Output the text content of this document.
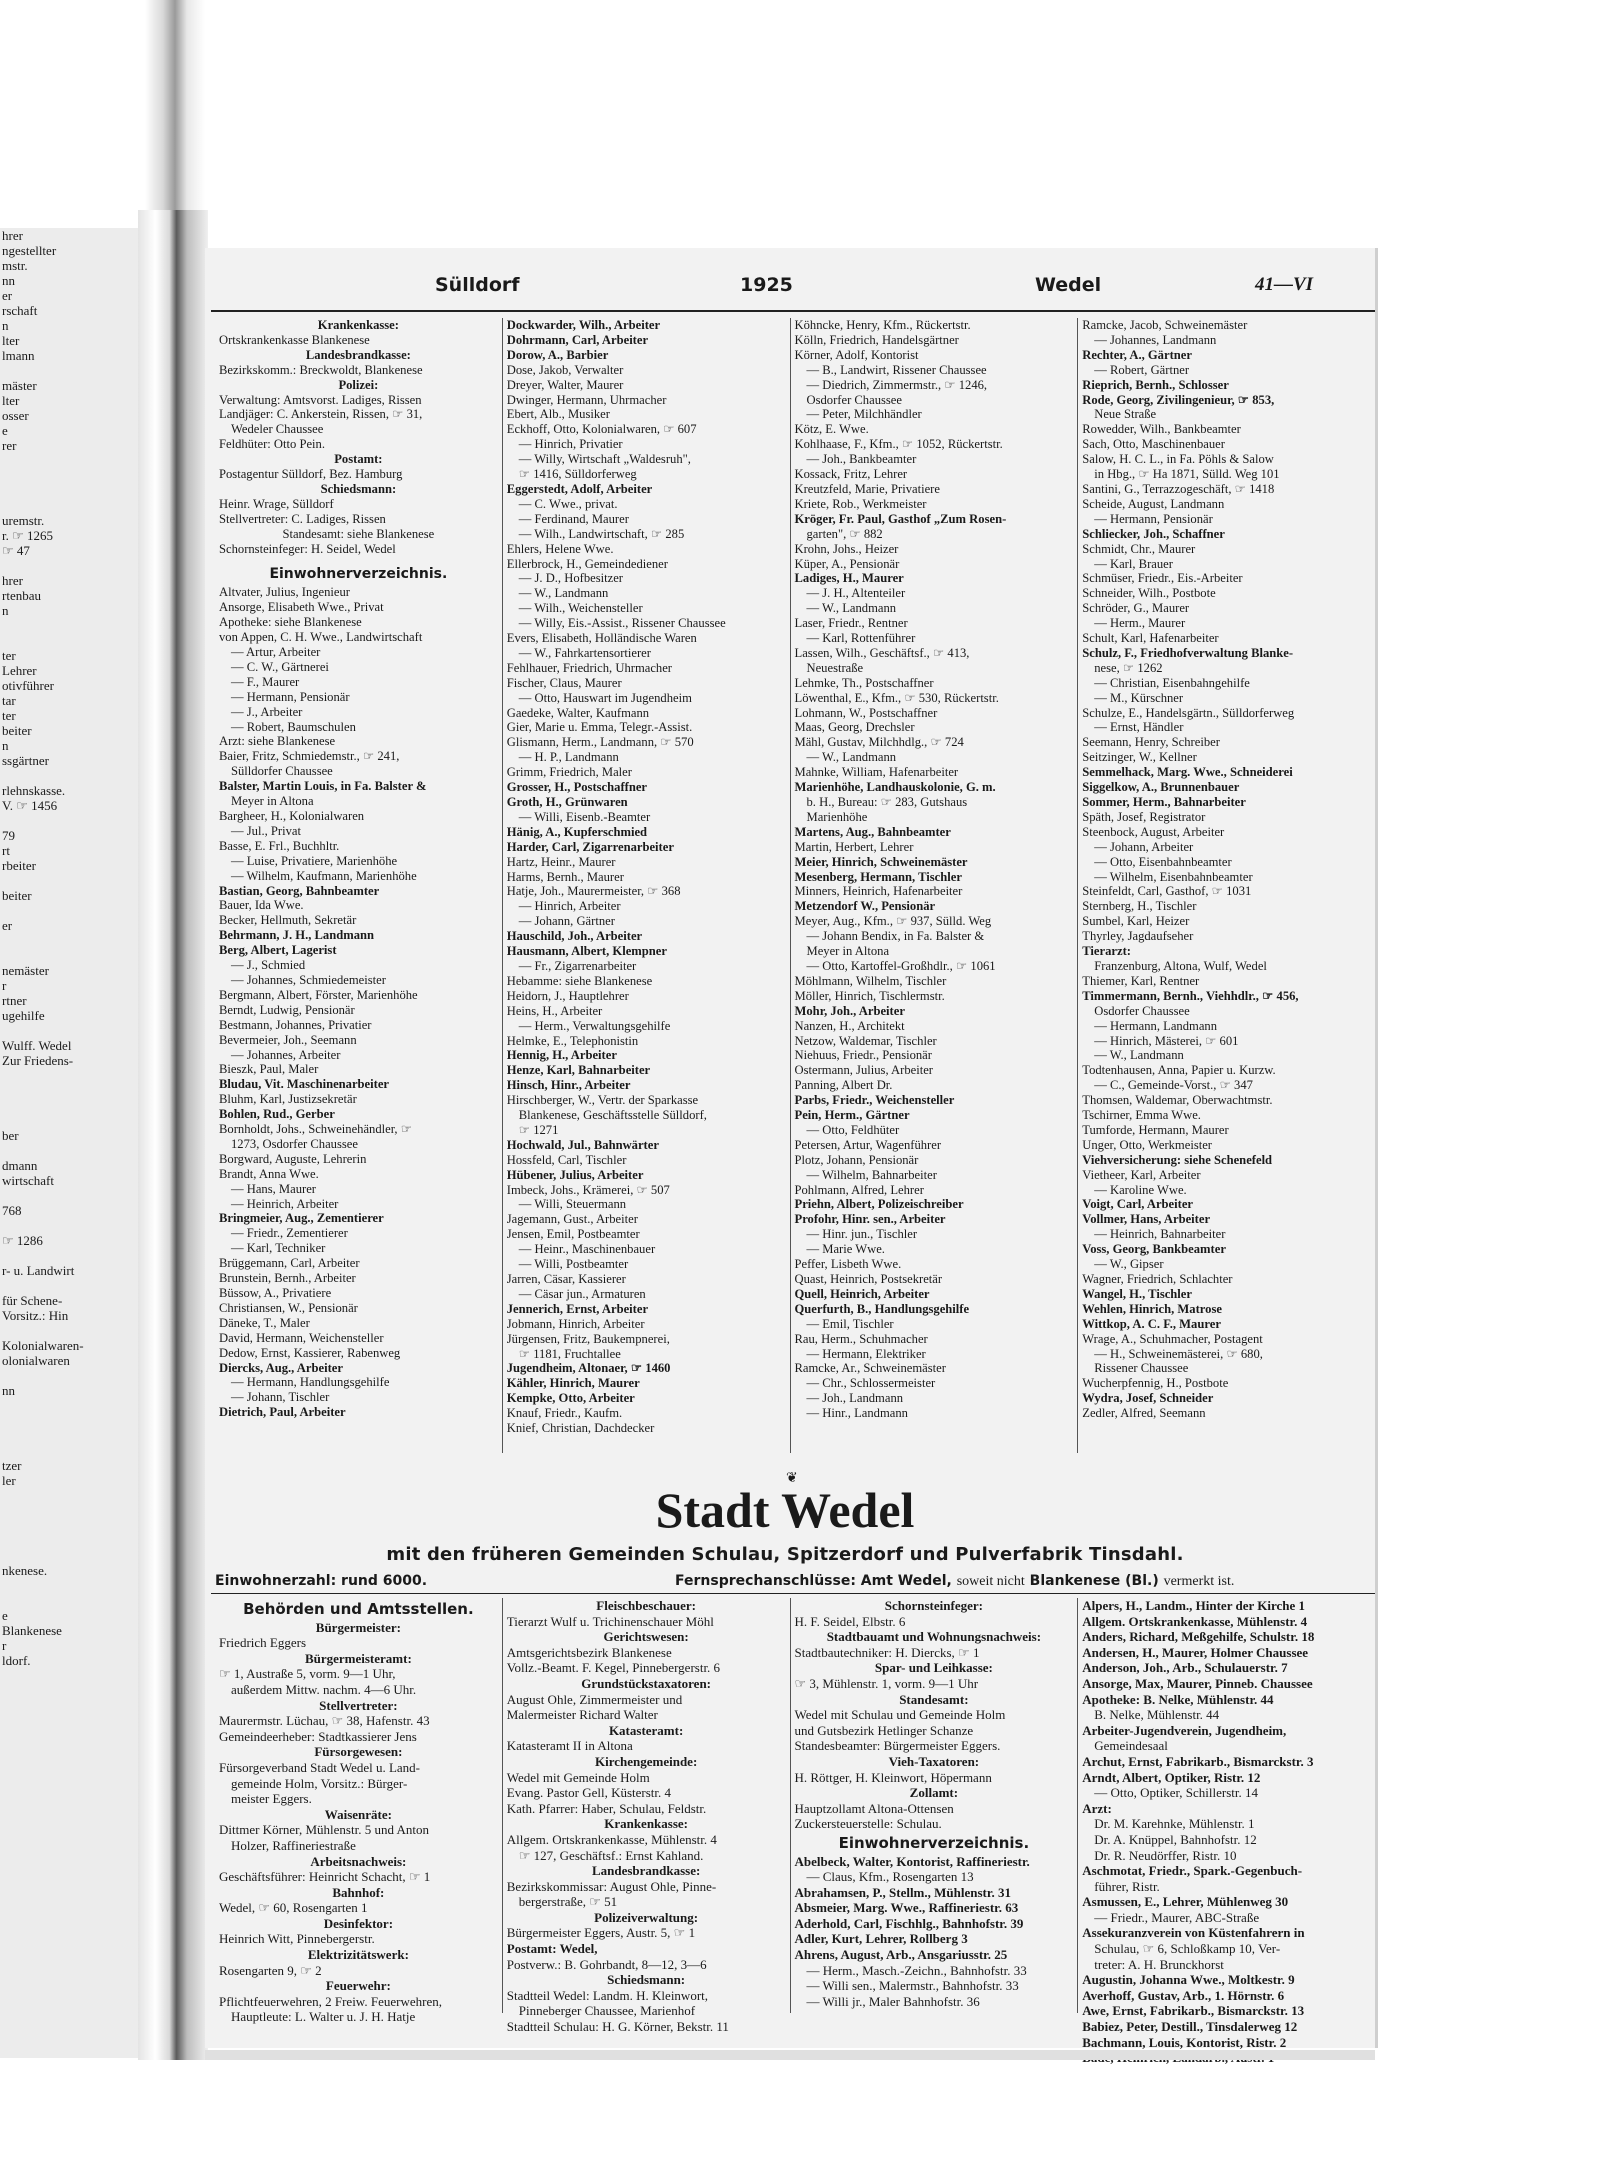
hrer
ngestellter
mstr.
nn
er
rschaft
n
lter
lmann

mäster
lter
osser
e
rer

uremstr.
r. ☞ 1265
☞ 47

hrer
rtenbau
n

ter
Lehrer
otivführer
tar
ter
beiter
n
ssgärtner

rlehnskasse.
V. ☞ 1456

79
rt
rbeiter

beiter

er

nemäster
r
rtner
ugehilfe

Wulff. Wedel
Zur Friedens-

ber

dmann
wirtschaft

768

☞ 1286

r- u. Landwirt

für Schene-
Vorsitz.: Hin

Kolonialwaren-
olonialwaren

nn

tzer
ler

nkenese.

e
Blankenese
r
ldorf.
Sülldorf	1925	Wedel	41—VI
Krankenkasse:
Ortskrankenkasse Blankenese
Landesbrandkasse:
Bezirkskomm.: Breckwoldt, Blankenese
Polizei:
Verwaltung: Amtsvorst. Ladiges, Rissen
Landjäger: C. Ankerstein, Rissen, ☞ 31,
Wedeler Chaussee
Feldhüter: Otto Pein.
Postamt:
Postagentur Sülldorf, Bez. Hamburg
Schiedsmann:
Heinr. Wrage, Sülldorf
Stellvertreter: C. Ladiges, Rissen
Standesamt: siehe Blankenese
Schornsteinfeger: H. Seidel, Wedel
Einwohnerverzeichnis.
Altvater, Julius, Ingenieur
Ansorge, Elisabeth Wwe., Privat
Apotheke: siehe Blankenese
von Appen, C. H. Wwe., Landwirtschaft
— Artur, Arbeiter
— C. W., Gärtnerei
— F., Maurer
— Hermann, Pensionär
— J., Arbeiter
— Robert, Baumschulen
Arzt: siehe Blankenese
Baier, Fritz, Schmiedemstr., ☞ 241,
Sülldorfer Chaussee
Balster, Martin Louis, in Fa. Balster &
Meyer in Altona
Bargheer, H., Kolonialwaren
— Jul., Privat
Basse, E. Frl., Buchhltr.
— Luise, Privatiere, Marienhöhe
— Wilhelm, Kaufmann, Marienhöhe
Bastian, Georg, Bahnbeamter
Bauer, Ida Wwe.
Becker, Hellmuth, Sekretär
Behrmann, J. H., Landmann
Berg, Albert, Lagerist
— J., Schmied
— Johannes, Schmiedemeister
Bergmann, Albert, Förster, Marienhöhe
Berndt, Ludwig, Pensionär
Bestmann, Johannes, Privatier
Bevermeier, Joh., Seemann
— Johannes, Arbeiter
Bieszk, Paul, Maler
Bludau, Vit. Maschinenarbeiter
Bluhm, Karl, Justizsekretär
Bohlen, Rud., Gerber
Bornholdt, Johs., Schweinehändler, ☞
1273, Osdorfer Chaussee
Borgward, Auguste, Lehrerin
Brandt, Anna Wwe.
— Hans, Maurer
— Heinrich, Arbeiter
Bringmeier, Aug., Zementierer
— Friedr., Zementierer
— Karl, Techniker
Brüggemann, Carl, Arbeiter
Brunstein, Bernh., Arbeiter
Büssow, A., Privatiere
Christiansen, W., Pensionär
Däneke, T., Maler
David, Hermann, Weichensteller
Dedow, Ernst, Kassierer, Rabenweg
Diercks, Aug., Arbeiter
— Hermann, Handlungsgehilfe
— Johann, Tischler
Dietrich, Paul, Arbeiter
Dockwarder, Wilh., Arbeiter
Dohrmann, Carl, Arbeiter
Dorow, A., Barbier
Dose, Jakob, Verwalter
Dreyer, Walter, Maurer
Dwinger, Hermann, Uhrmacher
Ebert, Alb., Musiker
Eckhoff, Otto, Kolonialwaren, ☞ 607
— Hinrich, Privatier
— Willy, Wirtschaft „Waldesruh",
☞ 1416, Sülldorferweg
Eggerstedt, Adolf, Arbeiter
— C. Wwe., privat.
— Ferdinand, Maurer
— Wilh., Landwirtschaft, ☞ 285
Ehlers, Helene Wwe.
Ellerbrock, H., Gemeindediener
— J. D., Hofbesitzer
— W., Landmann
— Wilh., Weichensteller
— Willy, Eis.-Assist., Rissener Chaussee
Evers, Elisabeth, Holländische Waren
— W., Fahrkartensortierer
Fehlhauer, Friedrich, Uhrmacher
Fischer, Claus, Maurer
— Otto, Hauswart im Jugendheim
Gaedeke, Walter, Kaufmann
Gier, Marie u. Emma, Telegr.-Assist.
Glismann, Herm., Landmann, ☞ 570
— H. P., Landmann
Grimm, Friedrich, Maler
Grosser, H., Postschaffner
Groth, H., Grünwaren
— Willi, Eisenb.-Beamter
Hänig, A., Kupferschmied
Harder, Carl, Zigarrenarbeiter
Hartz, Heinr., Maurer
Harms, Bernh., Maurer
Hatje, Joh., Maurermeister, ☞ 368
— Hinrich, Arbeiter
— Johann, Gärtner
Hauschild, Joh., Arbeiter
Hausmann, Albert, Klempner
— Fr., Zigarrenarbeiter
Hebamme: siehe Blankenese
Heidorn, J., Hauptlehrer
Heins, H., Arbeiter
— Herm., Verwaltungsgehilfe
Helmke, E., Telephonistin
Hennig, H., Arbeiter
Henze, Karl, Bahnarbeiter
Hinsch, Hinr., Arbeiter
Hirschberger, W., Vertr. der Sparkasse
Blankenese, Geschäftsstelle Sülldorf,
☞ 1271
Hochwald, Jul., Bahnwärter
Hossfeld, Carl, Tischler
Hübener, Julius, Arbeiter
Imbeck, Johs., Krämerei, ☞ 507
— Willi, Steuermann
Jagemann, Gust., Arbeiter
Jensen, Emil, Postbeamter
— Heinr., Maschinenbauer
— Willi, Postbeamter
Jarren, Cäsar, Kassierer
— Cäsar jun., Armaturen
Jennerich, Ernst, Arbeiter
Jobmann, Hinrich, Arbeiter
Jürgensen, Fritz, Baukempnerei,
☞ 1181, Fruchtallee
Jugendheim, Altonaer, ☞ 1460
Kähler, Hinrich, Maurer
Kempke, Otto, Arbeiter
Knauf, Friedr., Kaufm.
Knief, Christian, Dachdecker
Köhncke, Henry, Kfm., Rückertstr.
Kölln, Friedrich, Handelsgärtner
Körner, Adolf, Kontorist
— B., Landwirt, Rissener Chaussee
— Diedrich, Zimmermstr., ☞ 1246,
Osdorfer Chaussee
— Peter, Milchhändler
Kötz, E. Wwe.
Kohlhaase, F., Kfm., ☞ 1052, Rückertstr.
— Joh., Bankbeamter
Kossack, Fritz, Lehrer
Kreutzfeld, Marie, Privatiere
Kriete, Rob., Werkmeister
Kröger, Fr. Paul, Gasthof „Zum Rosen-
garten", ☞ 882
Krohn, Johs., Heizer
Küper, A., Pensionär
Ladiges, H., Maurer
— J. H., Altenteiler
— W., Landmann
Laser, Friedr., Rentner
— Karl, Rottenführer
Lassen, Wilh., Geschäftsf., ☞ 413,
Neuestraße
Lehmke, Th., Postschaffner
Löwenthal, E., Kfm., ☞ 530, Rückertstr.
Lohmann, W., Postschaffner
Maas, Georg, Drechsler
Mähl, Gustav, Milchhdlg., ☞ 724
— W., Landmann
Mahnke, William, Hafenarbeiter
Marienhöhe, Landhauskolonie, G. m.
b. H., Bureau: ☞ 283, Gutshaus
Marienhöhe
Martens, Aug., Bahnbeamter
Martin, Herbert, Lehrer
Meier, Hinrich, Schweinemäster
Mesenberg, Hermann, Tischler
Minners, Heinrich, Hafenarbeiter
Metzendorf W., Pensionär
Meyer, Aug., Kfm., ☞ 937, Sülld. Weg
— Johann Bendix, in Fa. Balster &
Meyer in Altona
— Otto, Kartoffel-Großhdlr., ☞ 1061
Möhlmann, Wilhelm, Tischler
Möller, Hinrich, Tischlermstr.
Mohr, Joh., Arbeiter
Nanzen, H., Architekt
Netzow, Waldemar, Tischler
Niehuus, Friedr., Pensionär
Ostermann, Julius, Arbeiter
Panning, Albert Dr.
Parbs, Friedr., Weichensteller
Pein, Herm., Gärtner
— Otto, Feldhüter
Petersen, Artur, Wagenführer
Plotz, Johann, Pensionär
— Wilhelm, Bahnarbeiter
Pohlmann, Alfred, Lehrer
Priehn, Albert, Polizeischreiber
Profohr, Hinr. sen., Arbeiter
— Hinr. jun., Tischler
— Marie Wwe.
Peffer, Lisbeth Wwe.
Quast, Heinrich, Postsekretär
Quell, Heinrich, Arbeiter
Querfurth, B., Handlungsgehilfe
— Emil, Tischler
Rau, Herm., Schuhmacher
— Hermann, Elektriker
Ramcke, Ar., Schweinemäster
— Chr., Schlossermeister
— Joh., Landmann
— Hinr., Landmann
Ramcke, Jacob, Schweinemäster
— Johannes, Landmann
Rechter, A., Gärtner
— Robert, Gärtner
Rieprich, Bernh., Schlosser
Rode, Georg, Zivilingenieur, ☞ 853,
Neue Straße
Rowedder, Wilh., Bankbeamter
Sach, Otto, Maschinenbauer
Salow, H. C. L., in Fa. Pöhls & Salow
in Hbg., ☞ Ha 1871, Sülld. Weg 101
Santini, G., Terrazzogeschäft, ☞ 1418
Scheide, August, Landmann
— Hermann, Pensionär
Schliecker, Joh., Schaffner
Schmidt, Chr., Maurer
— Karl, Brauer
Schmüser, Friedr., Eis.-Arbeiter
Schneider, Wilh., Postbote
Schröder, G., Maurer
— Herm., Maurer
Schult, Karl, Hafenarbeiter
Schulz, F., Friedhofverwaltung Blanke-
nese, ☞ 1262
— Christian, Eisenbahngehilfe
— M., Kürschner
Schulze, E., Handelsgärtn., Sülldorferweg
— Ernst, Händler
Seemann, Henry, Schreiber
Seitzinger, W., Kellner
Semmelhack, Marg. Wwe., Schneiderei
Siggelkow, A., Brunnenbauer
Sommer, Herm., Bahnarbeiter
Späth, Josef, Registrator
Steenbock, August, Arbeiter
— Johann, Arbeiter
— Otto, Eisenbahnbeamter
— Wilhelm, Eisenbahnbeamter
Steinfeldt, Carl, Gasthof, ☞ 1031
Sternberg, H., Tischler
Sumbel, Karl, Heizer
Thyrley, Jagdaufseher
Tierarzt:
Franzenburg, Altona, Wulf, Wedel
Thiemer, Karl, Rentner
Timmermann, Bernh., Viehhdlr., ☞ 456,
Osdorfer Chaussee
— Hermann, Landmann
— Hinrich, Mästerei, ☞ 601
— W., Landmann
Todtenhausen, Anna, Papier u. Kurzw.
— C., Gemeinde-Vorst., ☞ 347
Thomsen, Waldemar, Oberwachtmstr.
Tschirner, Emma Wwe.
Tumforde, Hermann, Maurer
Unger, Otto, Werkmeister
Viehversicherung: siehe Schenefeld
Vietheer, Karl, Arbeiter
— Karoline Wwe.
Voigt, Carl, Arbeiter
Vollmer, Hans, Arbeiter
— Heinrich, Bahnarbeiter
Voss, Georg, Bankbeamter
— W., Gipser
Wagner, Friedrich, Schlachter
Wangel, H., Tischler
Wehlen, Hinrich, Matrose
Wittkop, A. C. F., Maurer
Wrage, A., Schuhmacher, Postagent
— H., Schweinemästerei, ☞ 680,
Rissener Chaussee
Wucherpfennig, H., Postbote
Wydra, Josef, Schneider
Zedler, Alfred, Seemann
❦
Stadt Wedel
mit den früheren Gemeinden Schulau, Spitzerdorf und Pulverfabrik Tinsdahl.
Einwohnerzahl: rund 6000.	Fernsprechanschlüsse: Amt Wedel, soweit nicht Blankenese (Bl.) vermerkt ist.
Behörden und Amtsstellen.
Bürgermeister:
Friedrich Eggers
Bürgermeisteramt:
☞ 1, Austraße 5, vorm. 9—1 Uhr,
außerdem Mittw. nachm. 4—6 Uhr.
Stellvertreter:
Maurermstr. Lüchau, ☞ 38, Hafenstr. 43
Gemeindeerheber: Stadtkassierer Jens
Fürsorgewesen:
Fürsorgeverband Stadt Wedel u. Land-
gemeinde Holm, Vorsitz.: Bürger-
meister Eggers.
Waisenräte:
Dittmer Körner, Mühlenstr. 5 und Anton
Holzer, Raffineriestraße
Arbeitsnachweis:
Geschäftsführer: Heinricht Schacht, ☞ 1
Bahnhof:
Wedel, ☞ 60, Rosengarten 1
Desinfektor:
Heinrich Witt, Pinnebergerstr.
Elektrizitätswerk:
Rosengarten 9, ☞ 2
Feuerwehr:
Pflichtfeuerwehren, 2 Freiw. Feuerwehren,
Hauptleute: L. Walter u. J. H. Hatje
Fleischbeschauer:
Tierarzt Wulf u. Trichinenschauer Möhl
Gerichtswesen:
Amtsgerichtsbezirk Blankenese
Vollz.-Beamt. F. Kegel, Pinnebergerstr. 6
Grundstückstaxatoren:
August Ohle, Zimmermeister und
Malermeister Richard Walter
Katasteramt:
Katasteramt II in Altona
Kirchengemeinde:
Wedel mit Gemeinde Holm
Evang. Pastor Gell, Küsterstr. 4
Kath. Pfarrer: Haber, Schulau, Feldstr.
Krankenkasse:
Allgem. Ortskrankenkasse, Mühlenstr. 4
☞ 127, Geschäftsf.: Ernst Kahland.
Landesbrandkasse:
Bezirkskommissar: August Ohle, Pinne-
bergerstraße, ☞ 51
Polizeiverwaltung:
Bürgermeister Eggers, Austr. 5, ☞ 1
Postamt: Wedel,
Postverw.: B. Gohrbandt, 8—12, 3—6
Schiedsmann:
Stadtteil Wedel: Landm. H. Kleinwort,
Pinneberger Chaussee, Marienhof
Stadtteil Schulau: H. G. Körner, Bekstr. 11
Schornsteinfeger:
H. F. Seidel, Elbstr. 6
Stadtbauamt und Wohnungsnachweis:
Stadtbautechniker: H. Diercks, ☞ 1
Spar- und Leihkasse:
☞ 3, Mühlenstr. 1, vorm. 9—1 Uhr
Standesamt:
Wedel mit Schulau und Gemeinde Holm
und Gutsbezirk Hetlinger Schanze
Standesbeamter: Bürgermeister Eggers.
Vieh-Taxatoren:
H. Röttger, H. Kleinwort, Höpermann
Zollamt:
Hauptzollamt Altona-Ottensen
Zuckersteuerstelle: Schulau.
Einwohnerverzeichnis.
Abelbeck, Walter, Kontorist, Raffineriestr.
— Claus, Kfm., Rosengarten 13
Abrahamsen, P., Stellm., Mühlenstr. 31
Absmeier, Marg. Wwe., Raffineriestr. 63
Aderhold, Carl, Fischhlg., Bahnhofstr. 39
Adler, Kurt, Lehrer, Rollberg 3
Ahrens, August, Arb., Ansgariusstr. 25
— Herm., Masch.-Zeichn., Bahnhofstr. 33
— Willi sen., Malermstr., Bahnhofstr. 33
— Willi jr., Maler Bahnhofstr. 36
Alpers, H., Landm., Hinter der Kirche 1
Allgem. Ortskrankenkasse, Mühlenstr. 4
Anders, Richard, Meßgehilfe, Schulstr. 18
Andersen, H., Maurer, Holmer Chaussee
Anderson, Joh., Arb., Schulauerstr. 7
Ansorge, Max, Maurer, Pinneb. Chaussee
Apotheke: B. Nelke, Mühlenstr. 44
B. Nelke, Mühlenstr. 44
Arbeiter-Jugendverein, Jugendheim,
Gemeindesaal
Archut, Ernst, Fabrikarb., Bismarckstr. 3
Arndt, Albert, Optiker, Ristr. 12
— Otto, Optiker, Schillerstr. 14
Arzt:
Dr. M. Karehnke, Mühlenstr. 1
Dr. A. Knüppel, Bahnhofstr. 12
Dr. R. Neudörffer, Ristr. 10
Aschmotat, Friedr., Spark.-Gegenbuch-
führer, Ristr.
Asmussen, E., Lehrer, Mühlenweg 30
— Friedr., Maurer, ABC-Straße
Assekuranzverein von Küstenfahrern in
Schulau, ☞ 6, Schloßkamp 10, Ver-
treter: A. H. Brunckhorst
Augustin, Johanna Wwe., Moltkestr. 9
Averhoff, Gustav, Arb., 1. Hörnstr. 6
Awe, Ernst, Fabrikarb., Bismarckstr. 13
Babiez, Peter, Destill., Tinsdalerweg 12
Bachmann, Louis, Kontorist, Ristr. 2
